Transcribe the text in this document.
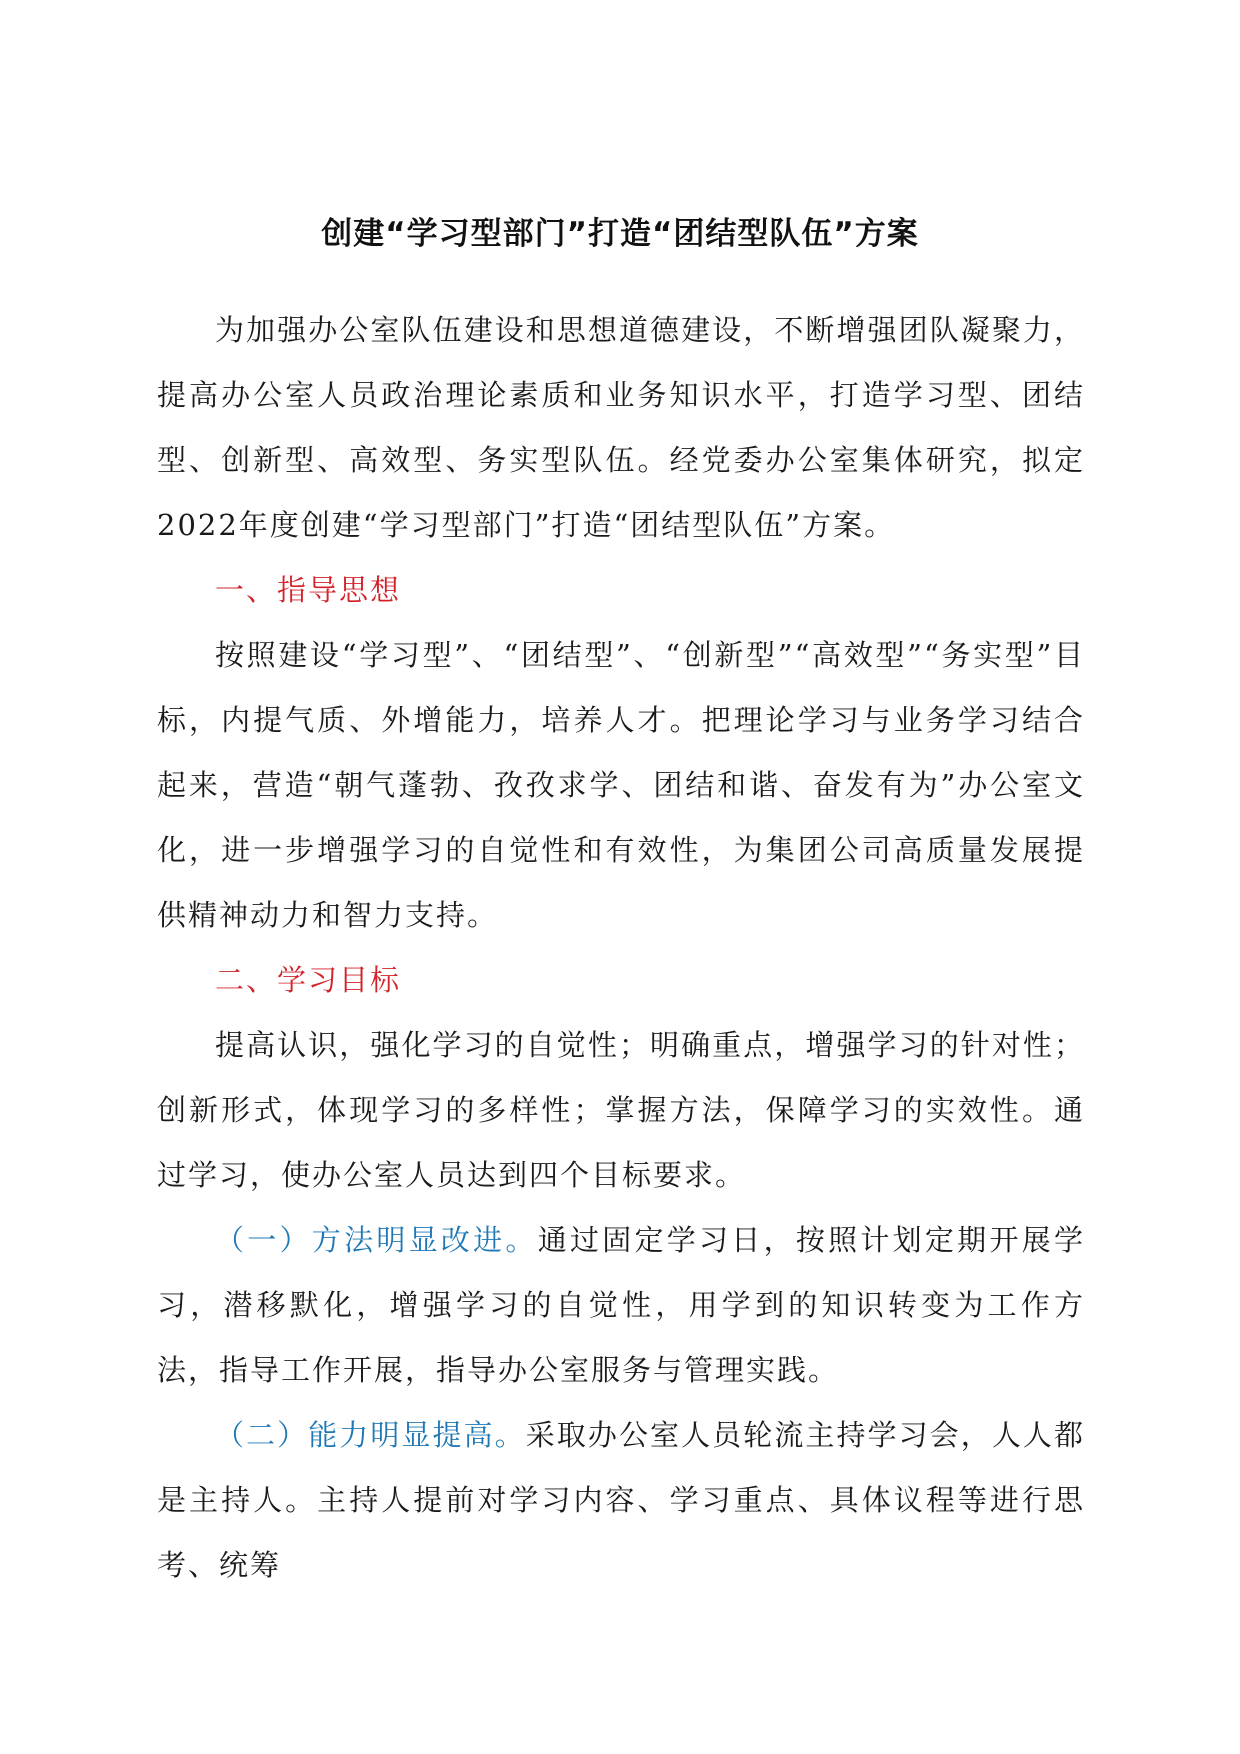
创建“学习型部门”打造“团结型队伍”方案

为加强办公室队伍建设和思想道德建设，不断增强团队凝聚力，提高办公室人员政治理论素质和业务知识水平，打造学习型、团结型、创新型、高效型、务实型队伍。经党委办公室集体研究，拟定2022年度创建“学习型部门”打造“团结型队伍”方案。

一、指导思想

按照建设“学习型”、“团结型”、“创新型”“高效型”“务实型”目标，内提气质、外增能力，培养人才。把理论学习与业务学习结合起来，营造“朝气蓬勃、孜孜求学、团结和谐、奋发有为”办公室文化，进一步增强学习的自觉性和有效性，为集团公司高质量发展提供精神动力和智力支持。

二、学习目标

提高认识，强化学习的自觉性；明确重点，增强学习的针对性；创新形式，体现学习的多样性；掌握方法，保障学习的实效性。通过学习，使办公室人员达到四个目标要求。

（一）方法明显改进。通过固定学习日，按照计划定期开展学习，潜移默化，增强学习的自觉性，用学到的知识转变为工作方法，指导工作开展，指导办公室服务与管理实践。

（二）能力明显提高。采取办公室人员轮流主持学习会，人人都是主持人。主持人提前对学习内容、学习重点、具体议程等进行思考、统筹
